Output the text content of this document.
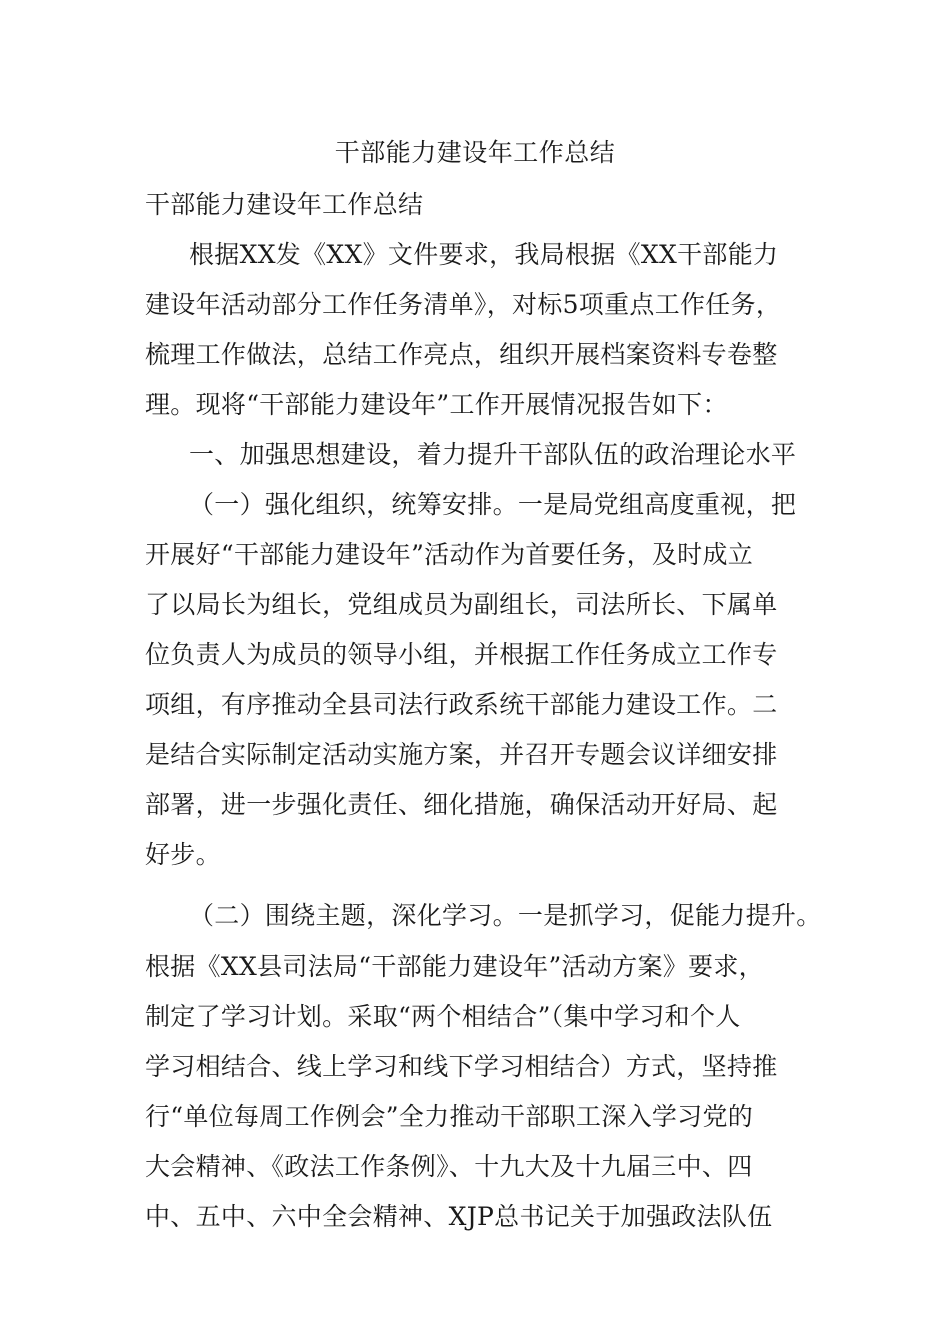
干部能力建设年工作总结
干部能力建设年工作总结
根据XX发《XX》文件要求，我局根据《XX干部能力
建设年活动部分工作任务清单》，对标5项重点工作任务，
梳理工作做法，总结工作亮点，组织开展档案资料专卷整
理。现将“干部能力建设年”工作开展情况报告如下：
一、加强思想建设，着力提升干部队伍的政治理论水平
（一）强化组织，统筹安排。一是局党组高度重视，把
开展好“干部能力建设年”活动作为首要任务，及时成立
了以局长为组长，党组成员为副组长，司法所长、下属单
位负责人为成员的领导小组，并根据工作任务成立工作专
项组，有序推动全县司法行政系统干部能力建设工作。二
是结合实际制定活动实施方案，并召开专题会议详细安排
部署，进一步强化责任、细化措施，确保活动开好局、起
好步。
（二）围绕主题，深化学习。一是抓学习，促能力提升。
根据《XX县司法局“干部能力建设年”活动方案》要求，
制定了学习计划。采取“两个相结合”（集中学习和个人
学习相结合、线上学习和线下学习相结合）方式，坚持推
行“单位每周工作例会”全力推动干部职工深入学习党的
大会精神、《政法工作条例》、十九大及十九届三中、四
中、五中、六中全会精神、XJP总书记关于加强政法队伍
